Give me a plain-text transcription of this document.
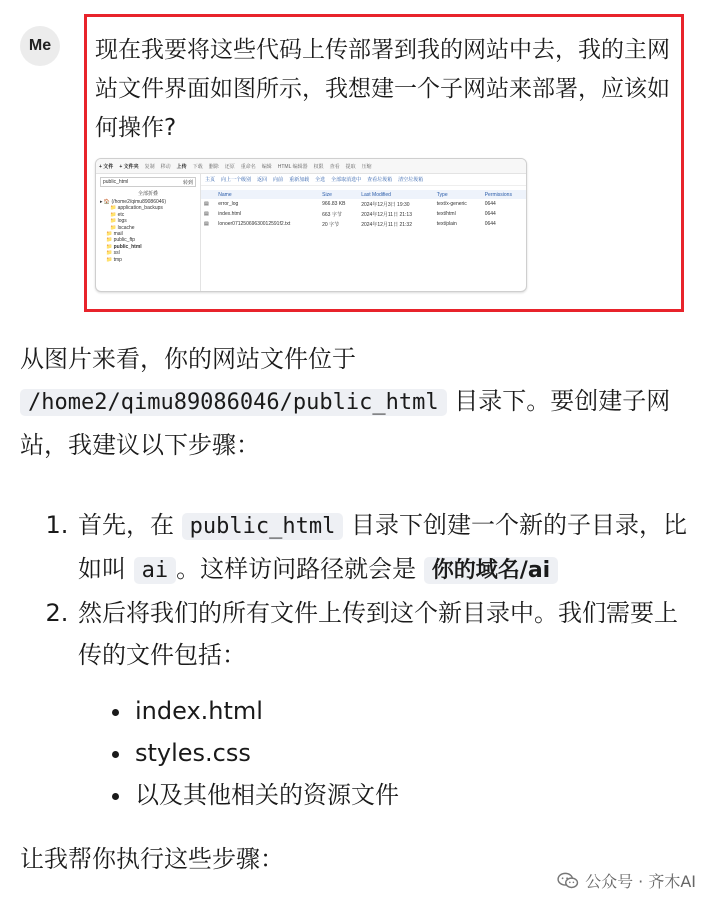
Me	现在我要将这些代码上传部署到我的网站中去，我的主网站文件界面如图所示，我想建一个子网站来部署，应该如何操作?
+ 文件 + 文件夹 复制 移动 上传 下载 删除 还原 重命名 编辑 HTML 编辑器 权限 查看 提取 压缩
public_html	转到
全部折叠
▸ 🏠 (/home2/qimu89086046)
📁 application_backups
📁 etc
📁 logs
📁 lscache
📁 mail
📁 public_ftp
📁 public_html
📁 ssl
📁 tmp
主页 向上一个级别 返回 向前 重新加载 全选 全部取消选中 查看垃圾箱 清空垃圾箱
	Name	Size	Last Modified	Type	Permissions
▤	error_log	966.83 KB	2024年12月3日 19:30	text/x-generic	0644
▤	index.html	663 字节	2024年12月11日 21:13	text/html	0644
▤	lonoer07125069630012591f2.txt	20 字节	2024年12月11日 21:32	text/plain	0644

从图片来看，你的网站文件位于 /home2/qimu89086046/public_html 目录下。要创建子网站，我建议以下步骤：

1. 首先，在 public_html 目录下创建一个新的子目录，比如叫 ai 。这样访问路径就会是 你的域名/ai
2. 然后将我们的所有文件上传到这个新目录中。我们需要上传的文件包括：
• index.html
• styles.css
• 以及其他相关的资源文件
让我帮你执行这些步骤：
公众号 · 齐木AI
